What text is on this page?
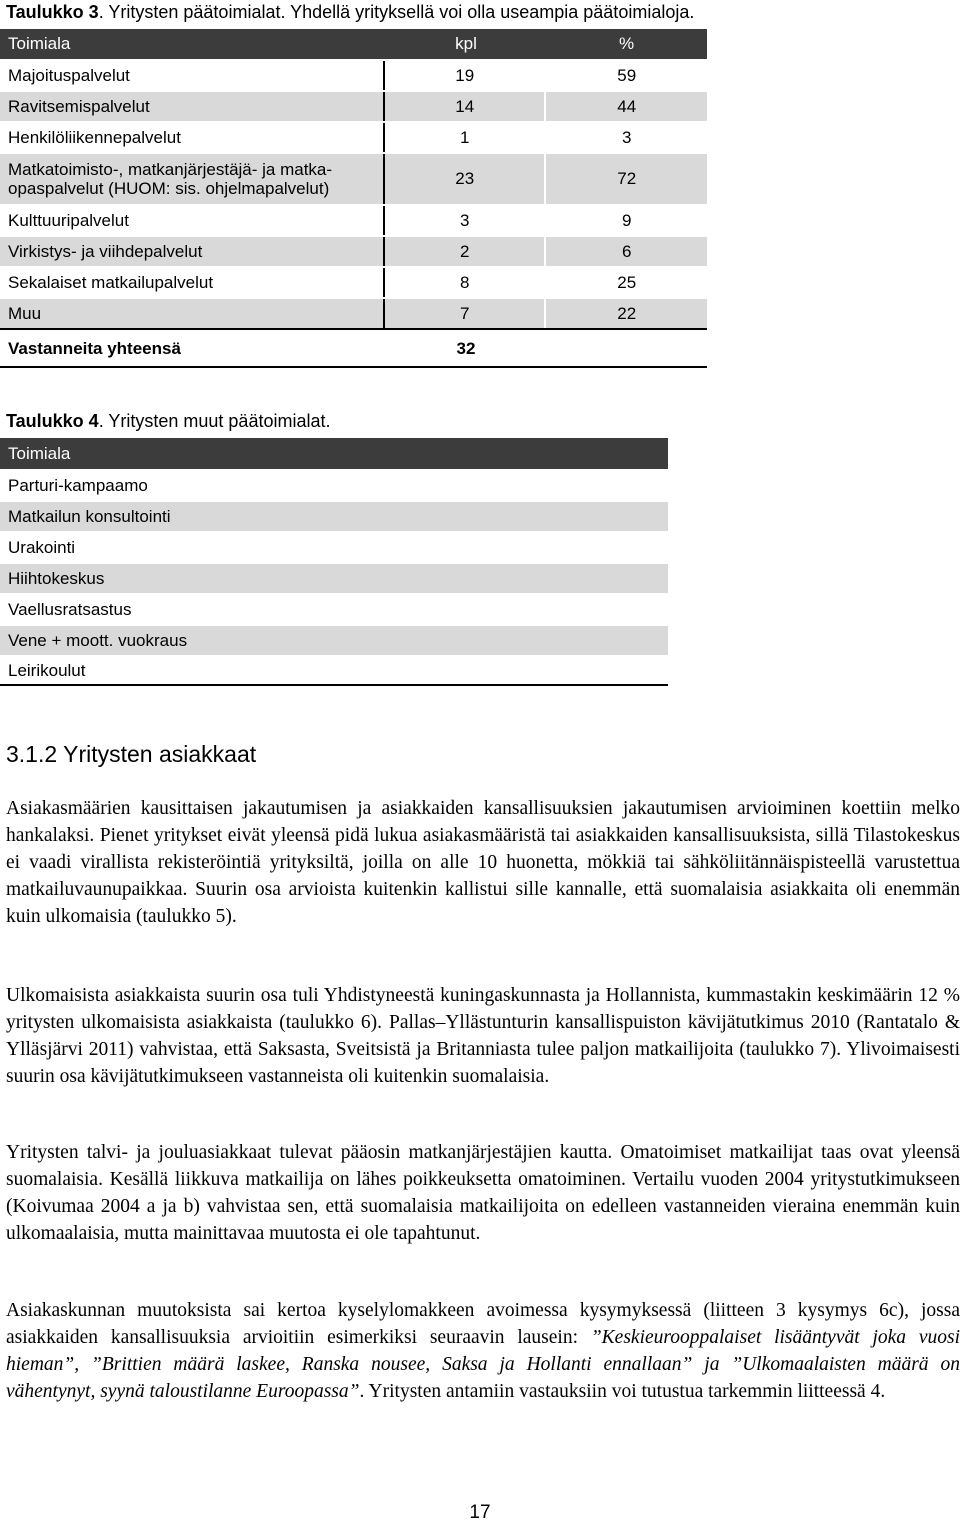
Taulukko 3. Yritysten päätoimialat. Yhdellä yrityksellä voi olla useampia päätoimialoja.
Toimiala	kpl	%
Majoituspalvelut	19	59
Ravitsemispalvelut	14	44
Henkilöliikennepalvelut	1	3
Matkatoimisto-, matkanjärjestäjä- ja matka-
opaspalvelut (HUOM: sis. ohjelmapalvelut)
23	72
Kulttuuripalvelut	3	9
Virkistys- ja viihdepalvelut	2	6
Sekalaiset matkailupalvelut	8	25
Muu	7	22
Vastanneita yhteensä	32
Taulukko 4. Yritysten muut päätoimialat.
Toimiala
Parturi-kampaamo
Matkailun konsultointi
Urakointi
Hiihtokeskus
Vaellusratsastus
Vene + moott. vuokraus
Leirikoulut
3.1.2 Yritysten asiakkaat
Asiakasmäärien kausittaisen jakautumisen ja asiakkaiden kansallisuuksien jakautumisen arvioiminen koettiin melko hankalaksi. Pienet yritykset eivät yleensä pidä lukua asiakasmääristä tai asiakkaiden kansallisuuksista, sillä Tilastokeskus ei vaadi virallista rekisteröintiä yrityksiltä, joilla on alle 10 huonetta, mökkiä tai sähköliitännäispisteellä varustettua matkailuvaunupaikkaa. Suurin osa arvioista kuitenkin kallistui sille kannalle, että suomalaisia asiakkaita oli enemmän kuin ulkomaisia (taulukko 5).
Ulkomaisista asiakkaista suurin osa tuli Yhdistyneestä kuningaskunnasta ja Hollannista, kummastakin keskimäärin 12 % yritysten ulkomaisista asiakkaista (taulukko 6). Pallas–Yllästunturin kansallispuiston kävijätutkimus 2010 (Rantatalo & Ylläsjärvi 2011) vahvistaa, että Saksasta, Sveitsistä ja Britanniasta tulee paljon matkailijoita (taulukko 7). Ylivoimaisesti suurin osa kävijätutkimukseen vastanneista oli kuitenkin suomalaisia.
Yritysten talvi- ja jouluasiakkaat tulevat pääosin matkanjärjestäjien kautta. Omatoimiset matkailijat taas ovat yleensä suomalaisia. Kesällä liikkuva matkailija on lähes poikkeuksetta omatoiminen. Vertailu vuoden 2004 yritystutkimukseen (Koivumaa 2004 a ja b) vahvistaa sen, että suomalaisia matkailijoita on edelleen vastanneiden vieraina enemmän kuin ulkomaalaisia, mutta mainittavaa muutosta ei ole tapahtunut.
Asiakaskunnan muutoksista sai kertoa kyselylomakkeen avoimessa kysymyksessä (liitteen 3 kysymys 6c), jossa asiakkaiden kansallisuuksia arvioitiin esimerkiksi seuraavin lausein: ”Keskieurooppalaiset lisääntyvät joka vuosi hieman”, ”Brittien määrä laskee, Ranska nousee, Saksa ja Hollanti ennallaan” ja ”Ulkomaalaisten määrä on vähentynyt, syynä taloustilanne Euroopassa”. Yritysten antamiin vastauksiin voi tutustua tarkemmin liitteessä 4.
17
